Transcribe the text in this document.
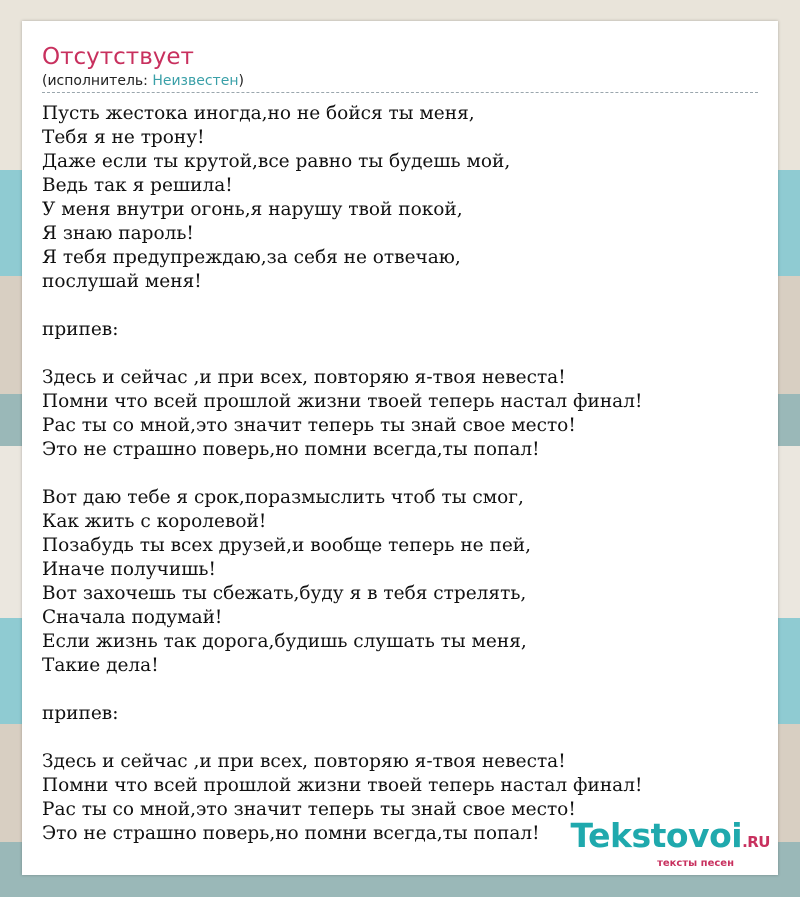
Отсутствует
(исполнитель: Неизвестен)
Пусть жестока иногда,но не бойся ты меня,
Тебя я не трону!
Даже если ты крутой,все равно ты будешь мой,
Ведь так я решила!
У меня внутри огонь,я нарушу твой покой,
Я знаю пароль!
Я тебя предупреждаю,за себя не отвечаю,
послушай меня!
припев:
Здесь и сейчас ,и при всех, повторяю я-твоя невеста!
Помни что всей прошлой жизни твоей теперь настал финал!
Рас ты со мной,это значит теперь ты знай свое место!
Это не страшно поверь,но помни всегда,ты попал!
Вот даю тебе я срок,поразмыслить чтоб ты смог,
Как жить с королевой!
Позабудь ты всех друзей,и вообще теперь не пей,
Иначе получишь!
Вот захочешь ты сбежать,буду я в тебя стрелять,
Сначала подумай!
Если жизнь так дорога,будишь слушать ты меня,
Такие дела!
припев:
Здесь и сейчас ,и при всех, повторяю я-твоя невеста!
Помни что всей прошлой жизни твоей теперь настал финал!
Рас ты со мной,это значит теперь ты знай свое место!
Это не страшно поверь,но помни всегда,ты попал! Tekstovoi.RU
тексты песен
